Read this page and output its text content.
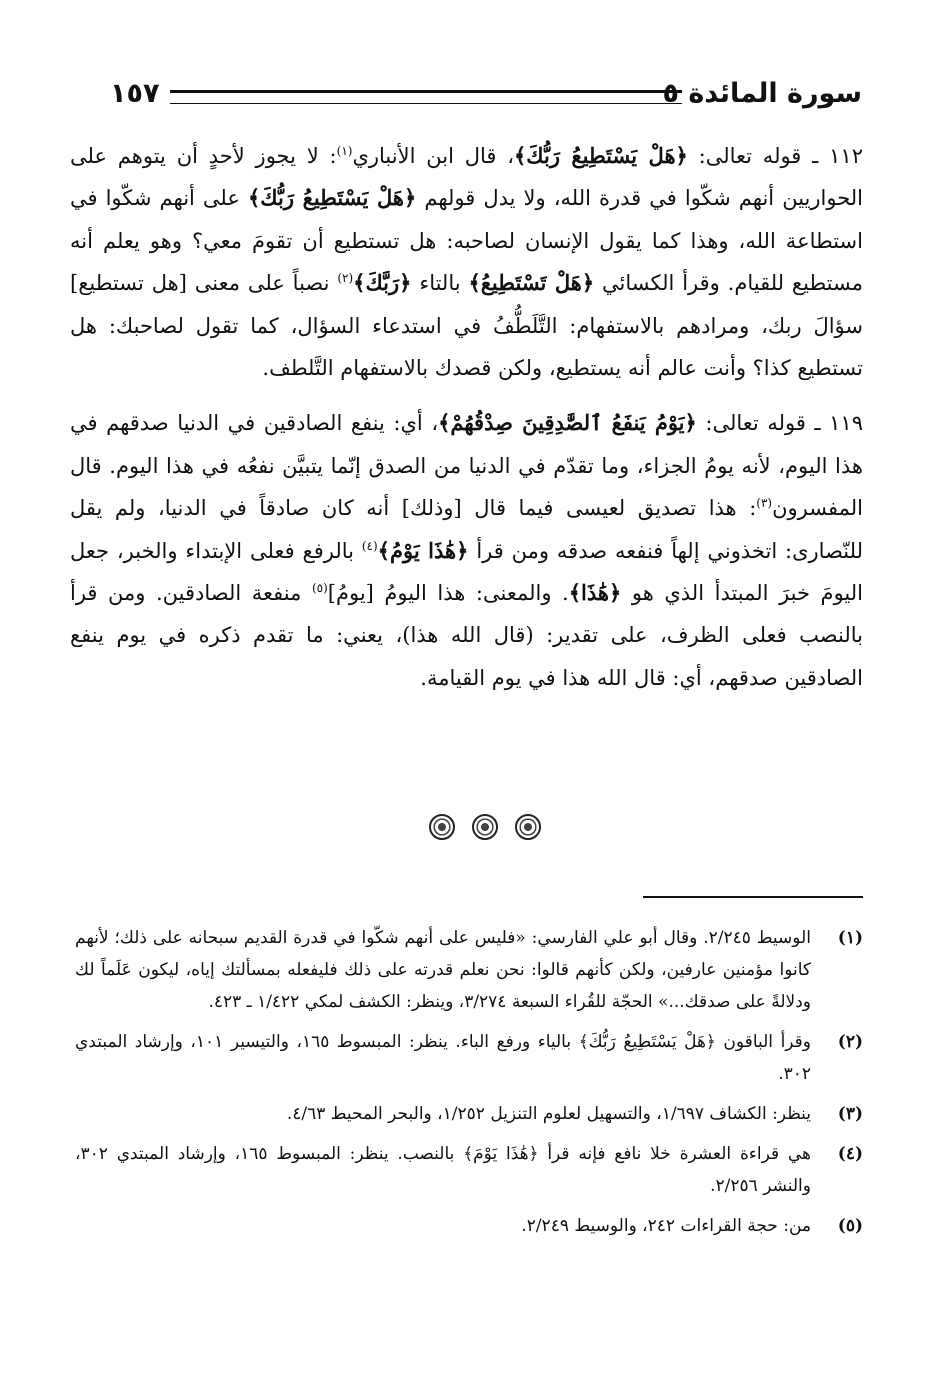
سورة المائدة ٥
١٥٧

١١٢ ـ قوله تعالى: ﴿هَلْ يَسْتَطِيعُ رَبُّكَ﴾، قال ابن الأنباري$^{(١)}$: لا يجوز لأحدٍ أن يتوهم على الحواريين أنهم شكّوا في قدرة الله، ولا يدل قولهم ﴿هَلْ يَسْتَطِيعُ رَبُّكَ﴾ على أنهم شكّوا في استطاعة الله، وهذا كما يقول الإنسان لصاحبه: هل تستطيع أن تقومَ معي؟ وهو يعلم أنه مستطيع للقيام. وقرأ الكسائي ﴿هَلْ تَسْتَطِيعُ﴾ بالتاء ﴿رَبَّكَ﴾$^{(٢)}$ نصباً على معنى [هل تستطيع] سؤالَ ربك، ومرادهم بالاستفهام: التَّلَطُّفُ في استدعاء السؤال، كما تقول لصاحبك: هل تستطيع كذا؟ وأنت عالم أنه يستطيع، ولكن قصدك بالاستفهام التَّلطف.

١١٩ ـ قوله تعالى: ﴿يَوْمُ يَنفَعُ ٱلصَّٰدِقِينَ صِدْقُهُمْ﴾، أي: ينفع الصادقين في الدنيا صدقهم في هذا اليوم، لأنه يومُ الجزاء، وما تقدّم في الدنيا من الصدق إنّما يتبيَّن نفعُه في هذا اليوم. قال المفسرون$^{(٣)}$: هذا تصديق لعيسى فيما قال [وذلك] أنه كان صادقاً في الدنيا، ولم يقل للنّصارى: اتخذوني إلهاً فنفعه صدقه ومن قرأ ﴿هَٰذَا يَوْمُ﴾$^{(٤)}$ بالرفع فعلى الإبتداء والخبر، جعل اليومَ خبرَ المبتدأ الذي هو ﴿هَٰذَا﴾. والمعنى: هذا اليومُ [يومُ]$^{(٥)}$ منفعة الصادقين. ومن قرأ بالنصب فعلى الظرف، على تقدير: (قال الله هذا)، يعني: ما تقدم ذكره في يوم ينفع الصادقين صدقهم، أي: قال الله هذا في يوم القيامة.

(١)
الوسيط ٢/٢٤٥. وقال أبو علي الفارسي: «فليس على أنهم شكّوا في قدرة القديم سبحانه على ذلك؛ لأنهم كانوا مؤمنين عارفين، ولكن كأنهم قالوا: نحن نعلم قدرته على ذلك فليفعله بمسألتك إياه، ليكون عَلَماً لك ودلالةً على صدقك...» الحجّة للقُراء السبعة ٣/٢٧٤، وينظر: الكشف لمكي ١/٤٢٢ ـ ٤٢٣.

(٢)
وقرأ الباقون ﴿هَلْ يَسْتَطِيعُ رَبُّكَ﴾ بالياء ورفع الباء. ينظر: المبسوط ١٦٥، والتيسير ١٠١، وإرشاد المبتدي ٣٠٢.

(٣)
ينظر: الكشاف ١/٦٩٧، والتسهيل لعلوم التنزيل ١/٢٥٢، والبحر المحيط ٤/٦٣.

(٤)
هي قراءة العشرة خلا نافع فإنه قرأ ﴿هَٰذَا يَوْمَ﴾ بالنصب. ينظر: المبسوط ١٦٥، وإرشاد المبتدي ٣٠٢، والنشر ٢/٢٥٦.

(٥)
من: حجة القراءات ٢٤٢، والوسيط ٢/٢٤٩.
